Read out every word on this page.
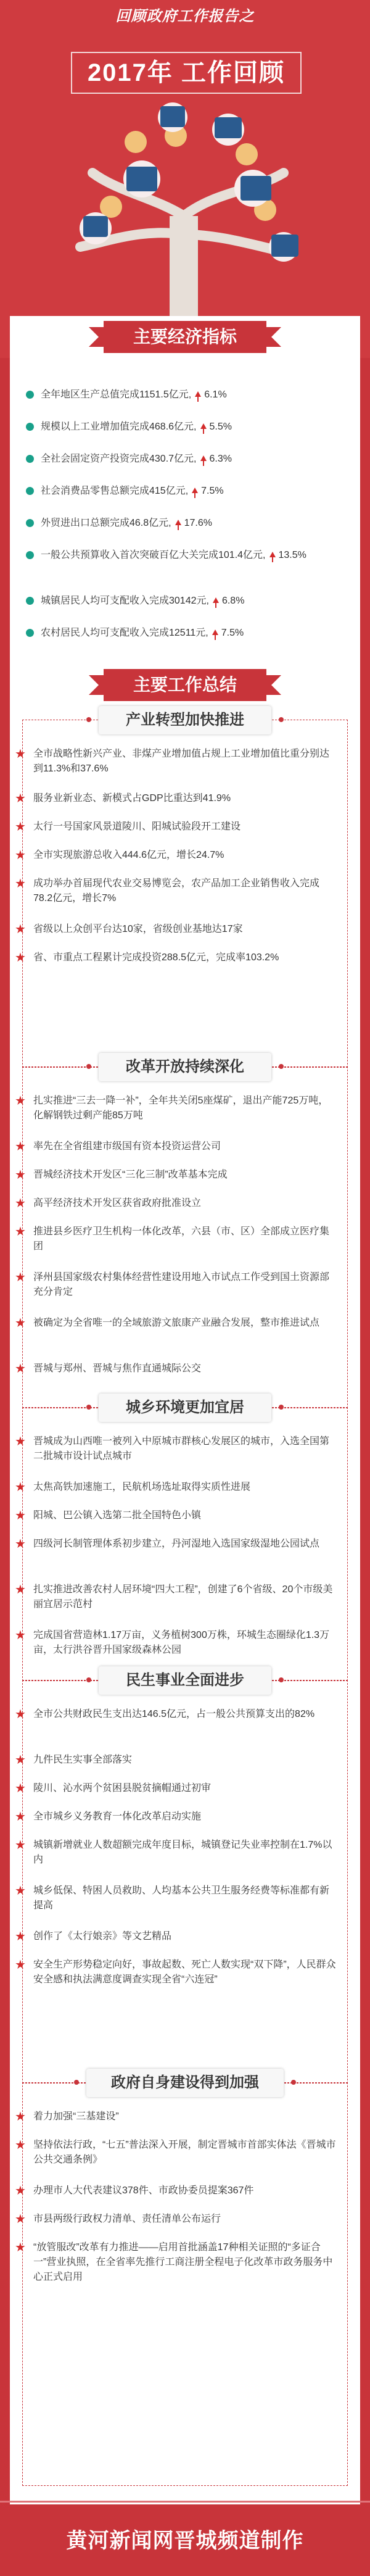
回顾政府工作报告之
2017年 工作回顾
主要经济指标
全年地区生产总值完成1151.5亿元, 6.1%
规模以上工业增加值完成468.6亿元, 5.5%
全社会固定资产投资完成430.7亿元, 6.3%
社会消费品零售总额完成415亿元, 7.5%
外贸进出口总额完成46.8亿元, 17.6%
一般公共预算收入首次突破百亿大关完成101.4亿元, 13.5%
城镇居民人均可支配收入完成30142元, 6.8%
农村居民人均可支配收入完成12511元, 7.5%
主要工作总结
产业转型加快推进
★ 全市战略性新兴产业、非煤产业增加值占规上工业增加值比重分别达到11.3%和37.6%
★ 服务业新业态、新模式占GDP比重达到41.9%
★ 太行一号国家风景道陵川、阳城试验段开工建设
★ 全市实现旅游总收入444.6亿元，增长24.7%
★ 成功举办首届现代农业交易博览会，农产品加工企业销售收入完成78.2亿元，增长7%
★ 省级以上众创平台达10家，省级创业基地达17家
★ 省、市重点工程累计完成投资288.5亿元，完成率103.2%
改革开放持续深化
★ 扎实推进“三去一降一补”，全年共关闭5座煤矿，退出产能725万吨，化解钢铁过剩产能85万吨
★ 率先在全省组建市级国有资本投资运营公司
★ 晋城经济技术开发区“三化三制”改革基本完成
★ 高平经济技术开发区获省政府批准设立
★ 推进县乡医疗卫生机构一体化改革，六县（市、区）全部成立医疗集团
★ 泽州县国家级农村集体经营性建设用地入市试点工作受到国土资源部充分肯定
★ 被确定为全省唯一的全域旅游文旅康产业融合发展，整市推进试点
★ 晋城与郑州、晋城与焦作直通城际公交
城乡环境更加宜居
★ 晋城成为山西唯一被列入中原城市群核心发展区的城市，入选全国第二批城市设计试点城市
★ 太焦高铁加速施工，民航机场选址取得实质性进展
★ 阳城、巴公镇入选第二批全国特色小镇
★ 四级河长制管理体系初步建立，丹河湿地入选国家级湿地公园试点
★ 扎实推进改善农村人居环境“四大工程”，创建了6个省级、20个市级美丽宜居示范村
★ 完成国省营造林1.17万亩，义务植树300万株，环城生态圈绿化1.3万亩，太行洪谷晋升国家级森林公园
民生事业全面进步
★ 全市公共财政民生支出达146.5亿元，占一般公共预算支出的82%
★ 九件民生实事全部落实
★ 陵川、沁水两个贫困县脱贫摘帽通过初审
★ 全市城乡义务教育一体化改革启动实施
★ 城镇新增就业人数超额完成年度目标，城镇登记失业率控制在1.7%以内
★ 城乡低保、特困人员救助、人均基本公共卫生服务经费等标准都有新提高
★ 创作了《太行娘亲》等文艺精品
★ 安全生产形势稳定向好，事故起数、死亡人数实现“双下降”，人民群众安全感和执法满意度调查实现全省“六连冠”
政府自身建设得到加强
★ 着力加强“三基建设”
★ 坚持依法行政，“七五”普法深入开展，制定晋城市首部实体法《晋城市公共交通条例》
★ 办理市人大代表建议378件、市政协委员提案367件
★ 市县两级行政权力清单、责任清单公布运行
★ “放管服改”改革有力推进——启用首批涵盖17种相关证照的“多证合一”营业执照，在全省率先推行工商注册全程电子化改革市政务服务中心正式启用
黄河新闻网晋城频道制作
